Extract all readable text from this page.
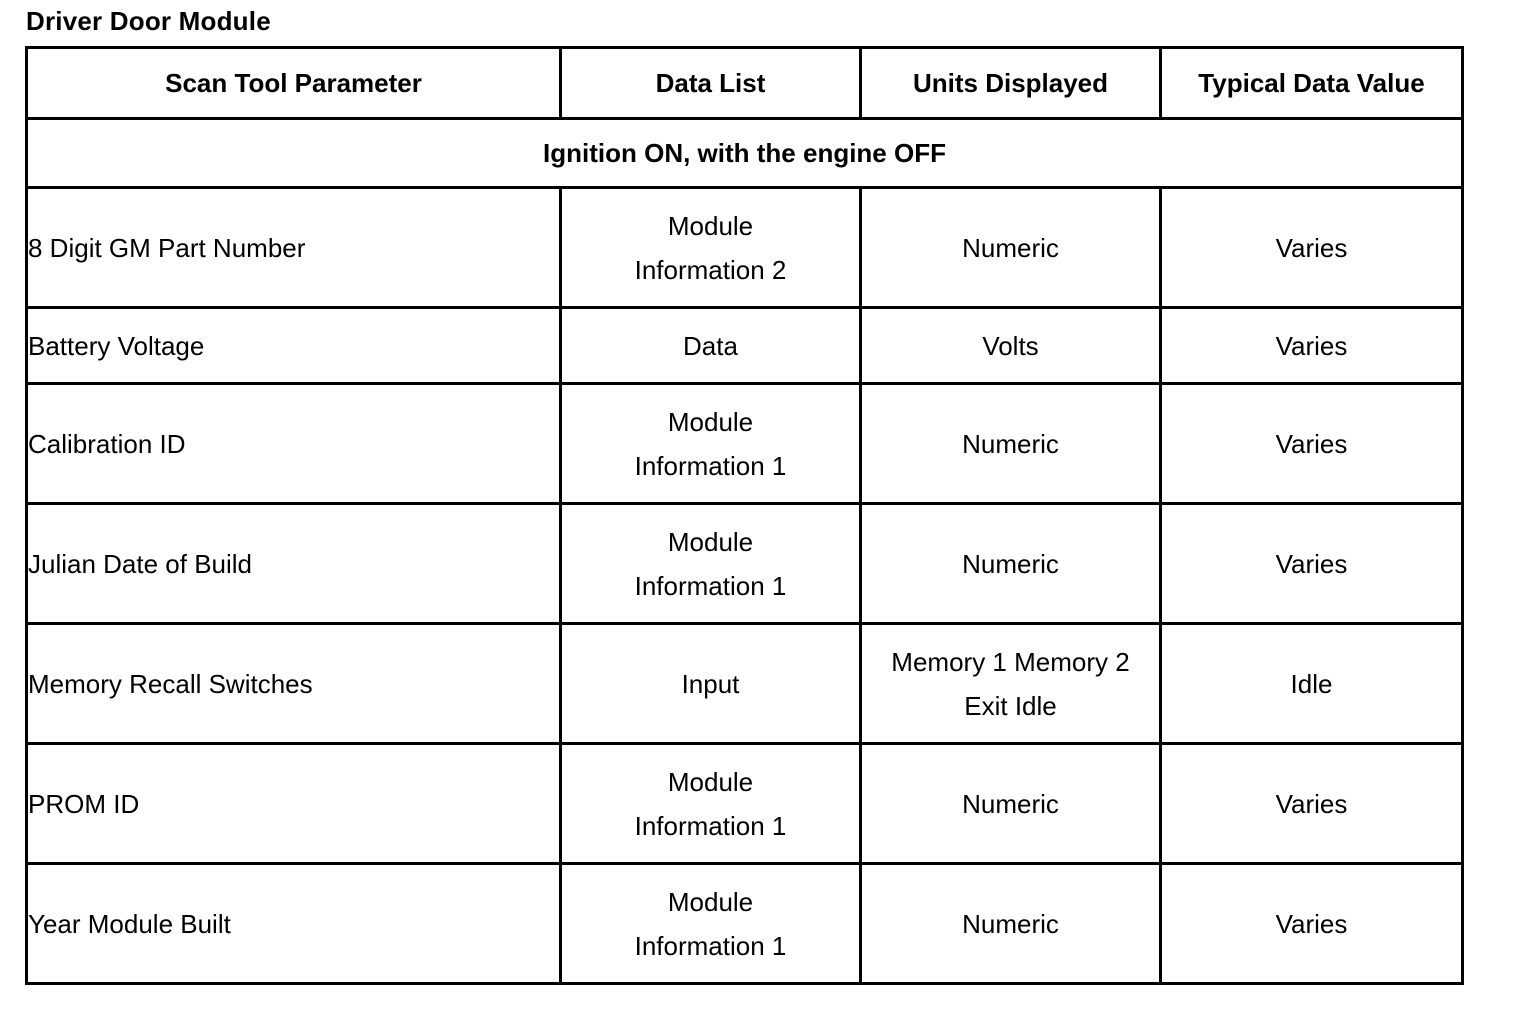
Driver Door Module
Scan Tool Parameter	Data List	Units Displayed	Typical Data Value
Ignition ON, with the engine OFF			
8 Digit GM Part Number	Module Information 2	Numeric	Varies
Battery Voltage	Data	Volts	Varies
Calibration ID	Module Information 1	Numeric	Varies
Julian Date of Build	Module Information 1	Numeric	Varies
Memory Recall Switches	Input	Memory 1 Memory 2 Exit Idle	Idle
PROM ID	Module Information 1	Numeric	Varies
Year Module Built	Module Information 1	Numeric	Varies
